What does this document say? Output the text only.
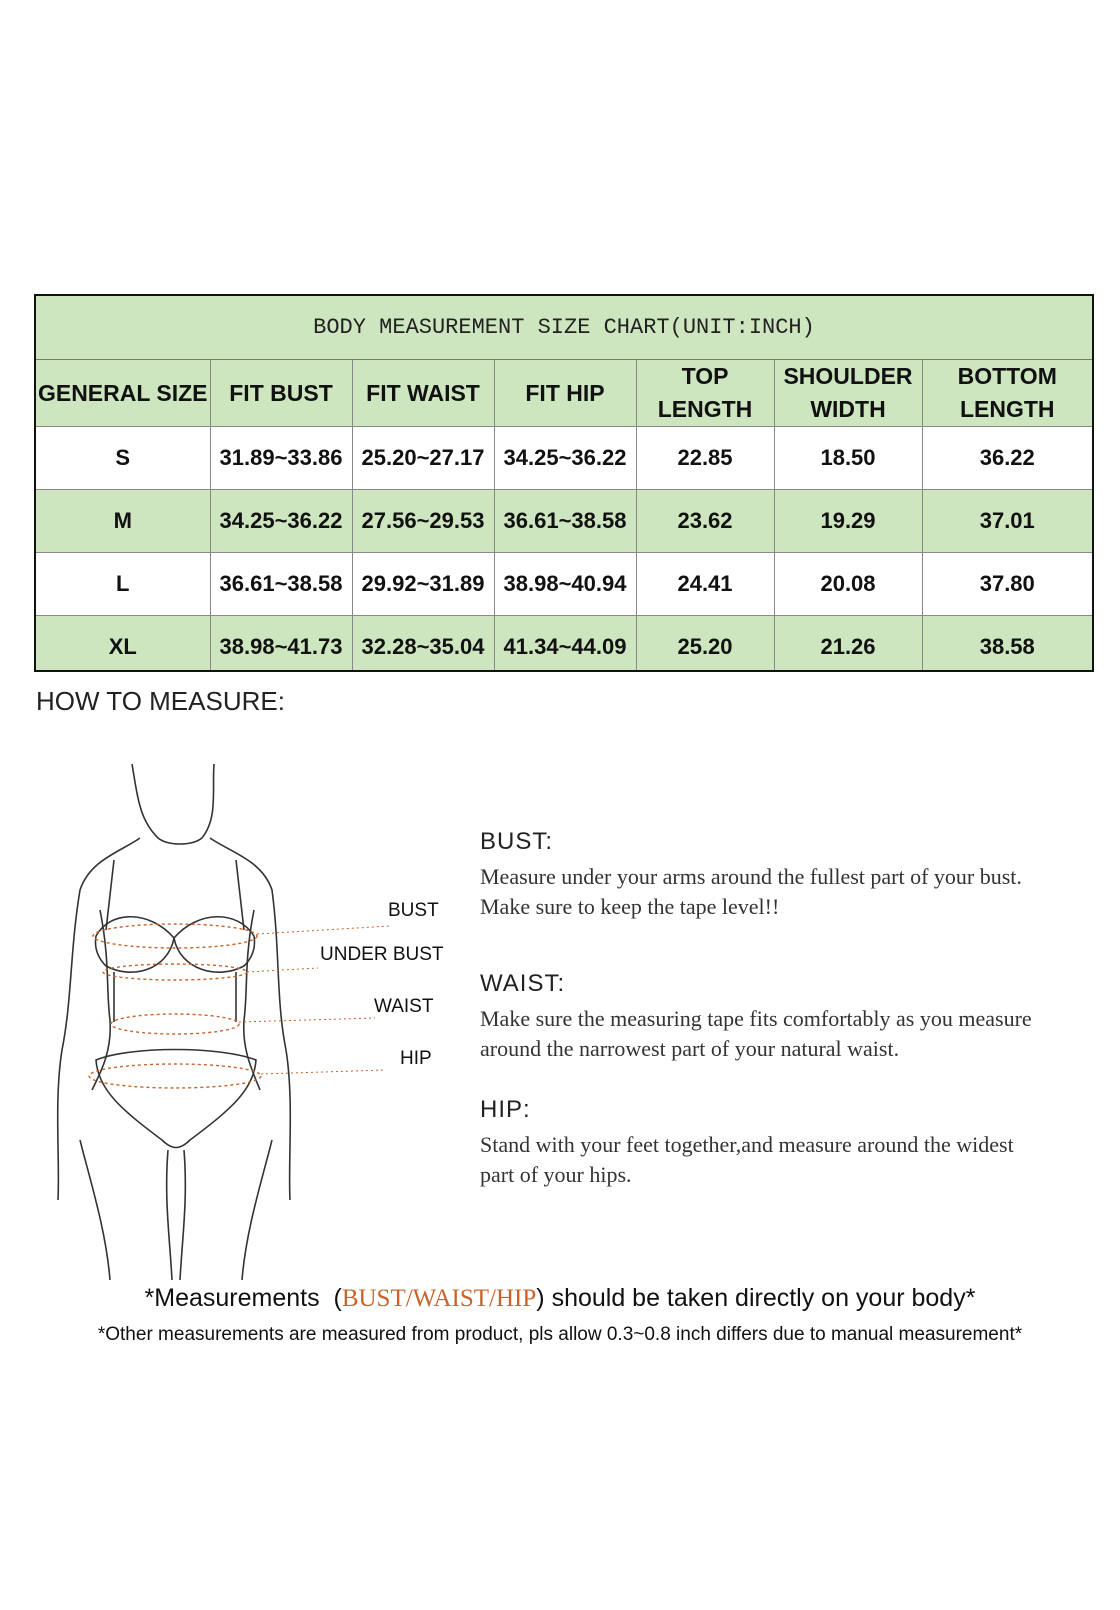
BODY MEASUREMENT SIZE CHART(UNIT:INCH)
GENERAL SIZE	FIT BUST	FIT WAIST	FIT HIP	TOP LENGTH	SHOULDER WIDTH	BOTTOM LENGTH
S	31.89~33.86	25.20~27.17	34.25~36.22	22.85	18.50	36.22
M	34.25~36.22	27.56~29.53	36.61~38.58	23.62	19.29	37.01
L	36.61~38.58	29.92~31.89	38.98~40.94	24.41	20.08	37.80
XL	38.98~41.73	32.28~35.04	41.34~44.09	25.20	21.26	38.58
HOW TO MEASURE:
BUST
UNDER BUST
WAIST
HIP
BUST:
Measure under your arms around the fullest part of your bust.
Make sure to keep the tape level!!
WAIST:
Make sure the measuring tape fits comfortably as you measure
around the narrowest part of your natural waist.
HIP:
Stand with your feet together,and measure around the widest
part of your hips.
*Measurements  (BUST/WAIST/HIP) should be taken directly on your body*
*Other measurements are measured from product, pls allow 0.3~0.8 inch differs due to manual measurement*
